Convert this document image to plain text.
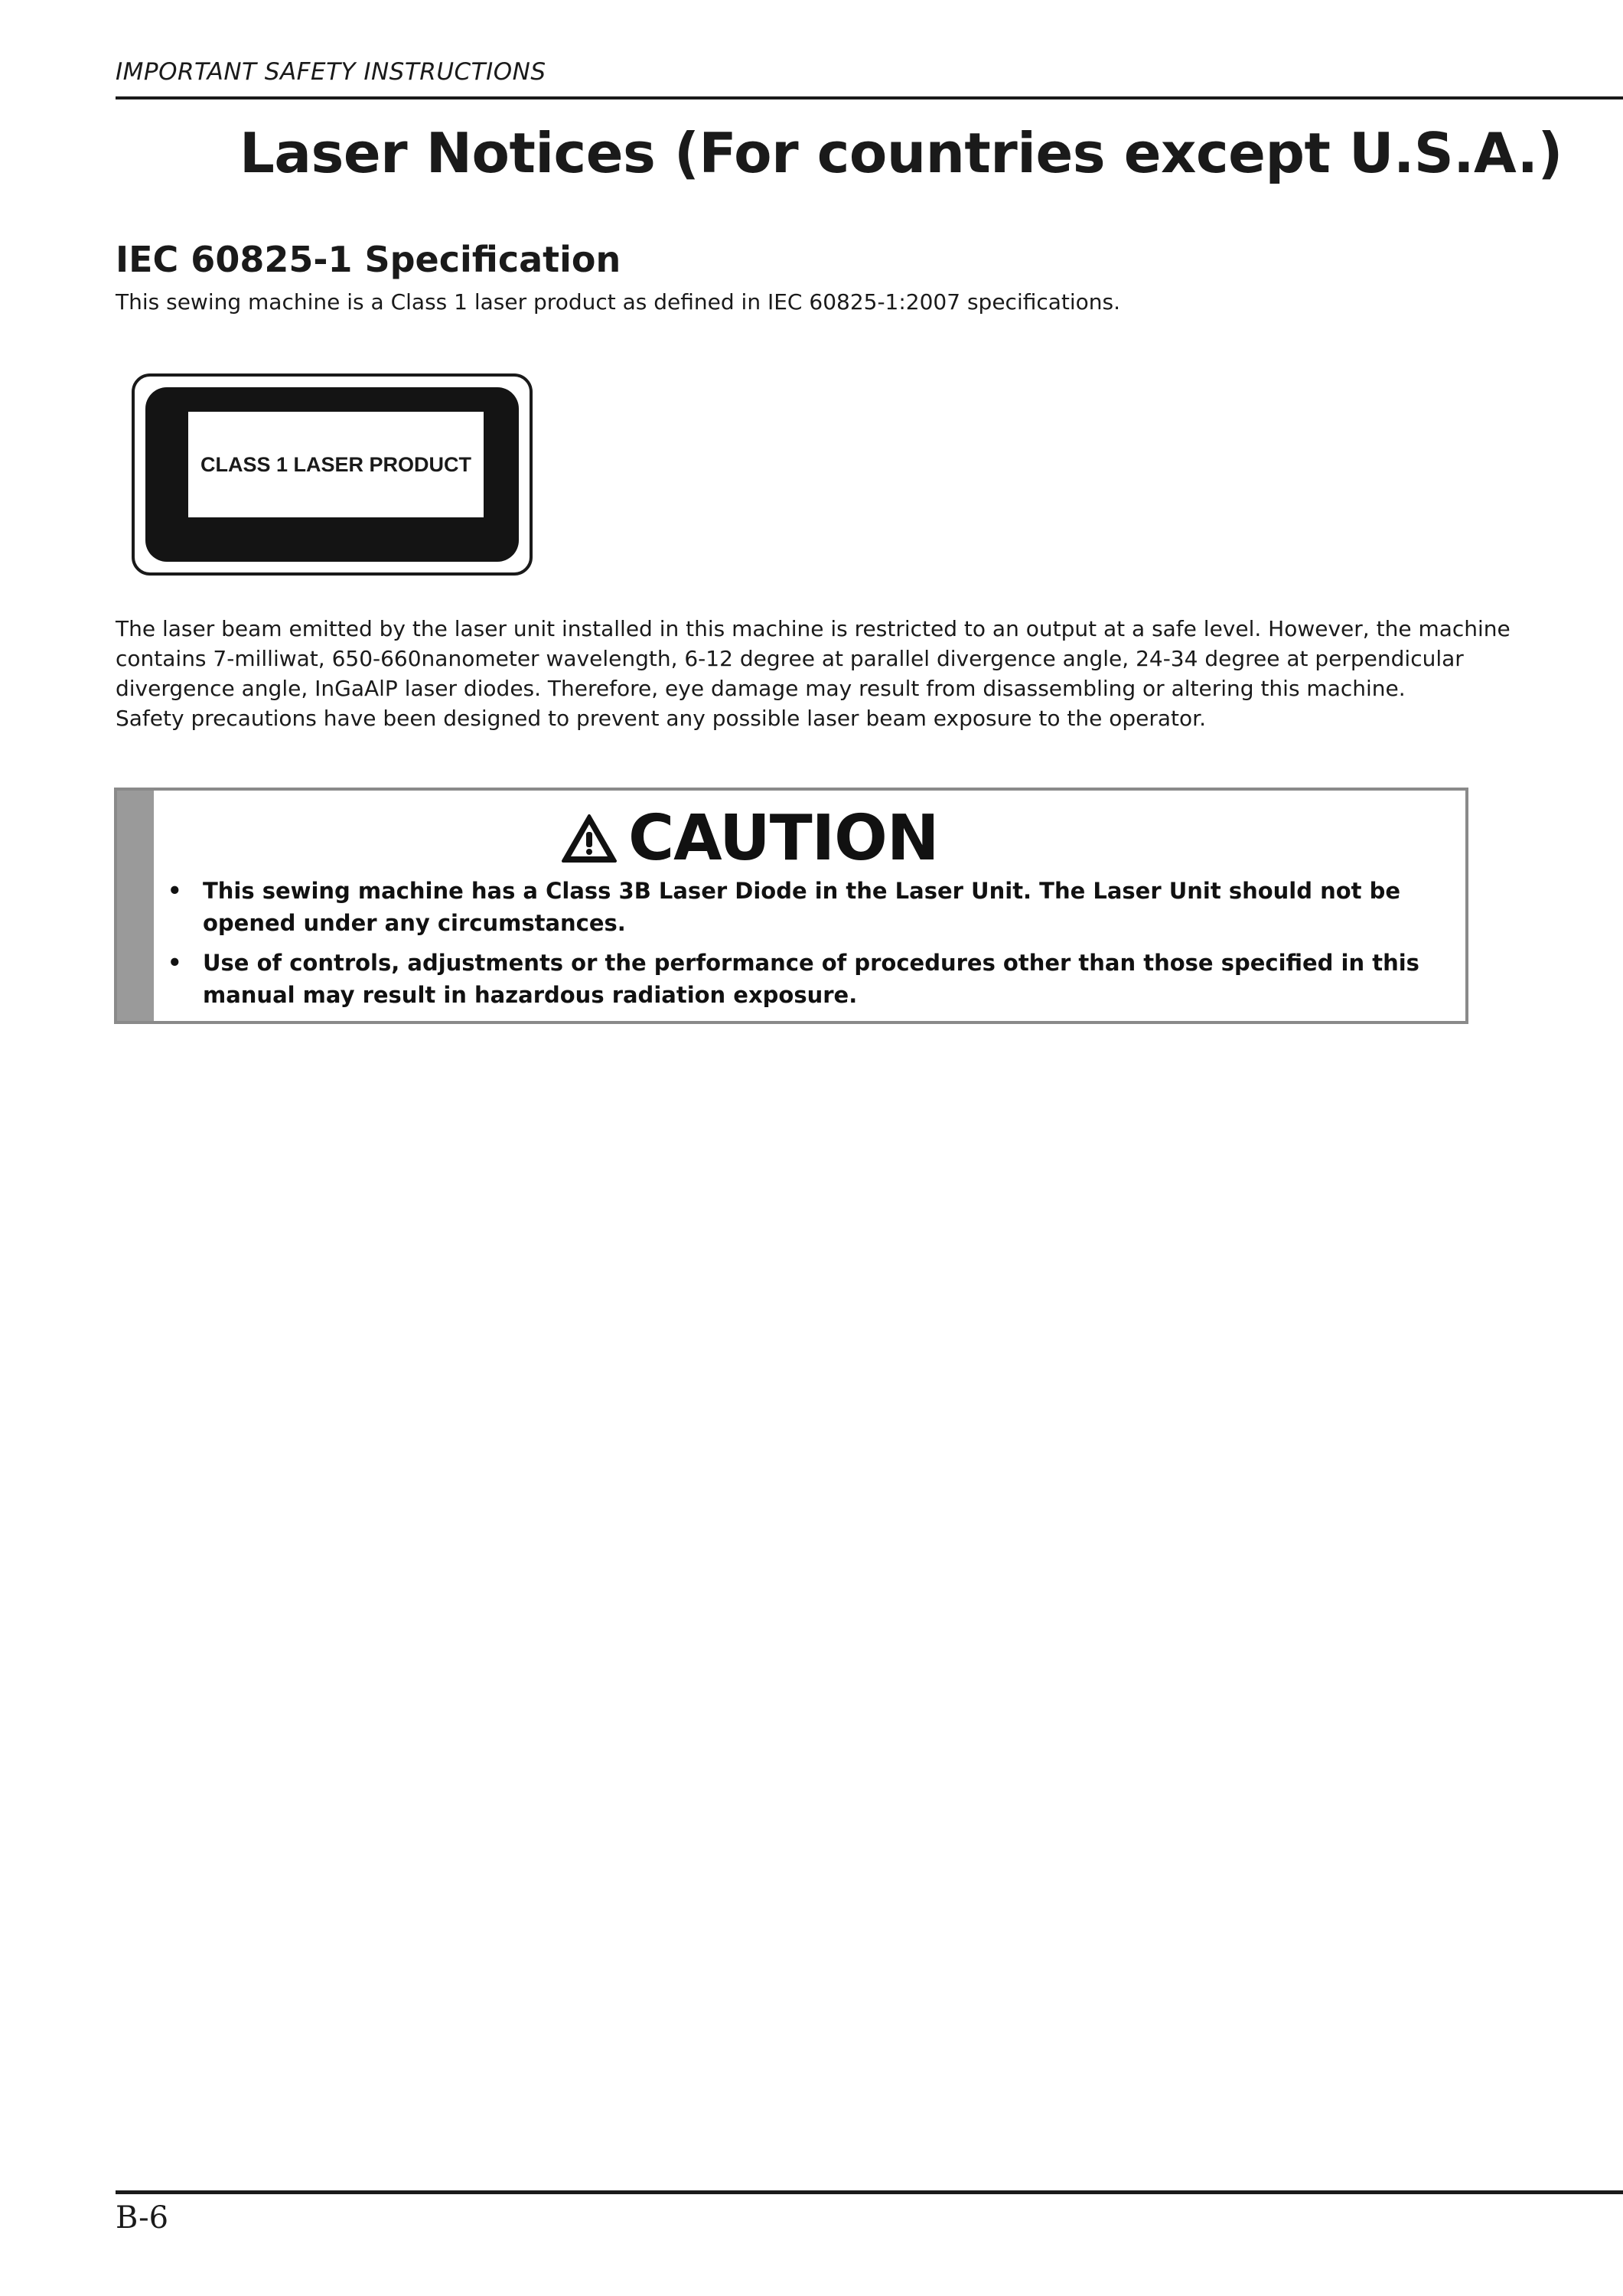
IMPORTANT SAFETY INSTRUCTIONS
Laser Notices (For countries except U.S.A.)
IEC 60825-1 Specification
This sewing machine is a Class 1 laser product as defined in IEC 60825-1:2007 specifications.
CLASS 1 LASER PRODUCT

The laser beam emitted by the laser unit installed in this machine is restricted to an output at a safe level. However, the machine contains 7-milliwat, 650-660nanometer wavelength, 6-12 degree at parallel divergence angle, 24-34 degree at perpendicular divergence angle, InGaAlP laser diodes. Therefore, eye damage may result from disassembling or altering this machine.

Safety precautions have been designed to prevent any possible laser beam exposure to the operator.

CAUTION
• This sewing machine has a Class 3B Laser Diode in the Laser Unit. The Laser Unit should not be opened under any circumstances.
• Use of controls, adjustments or the performance of procedures other than those specified in this manual may result in hazardous radiation exposure.
B-6
